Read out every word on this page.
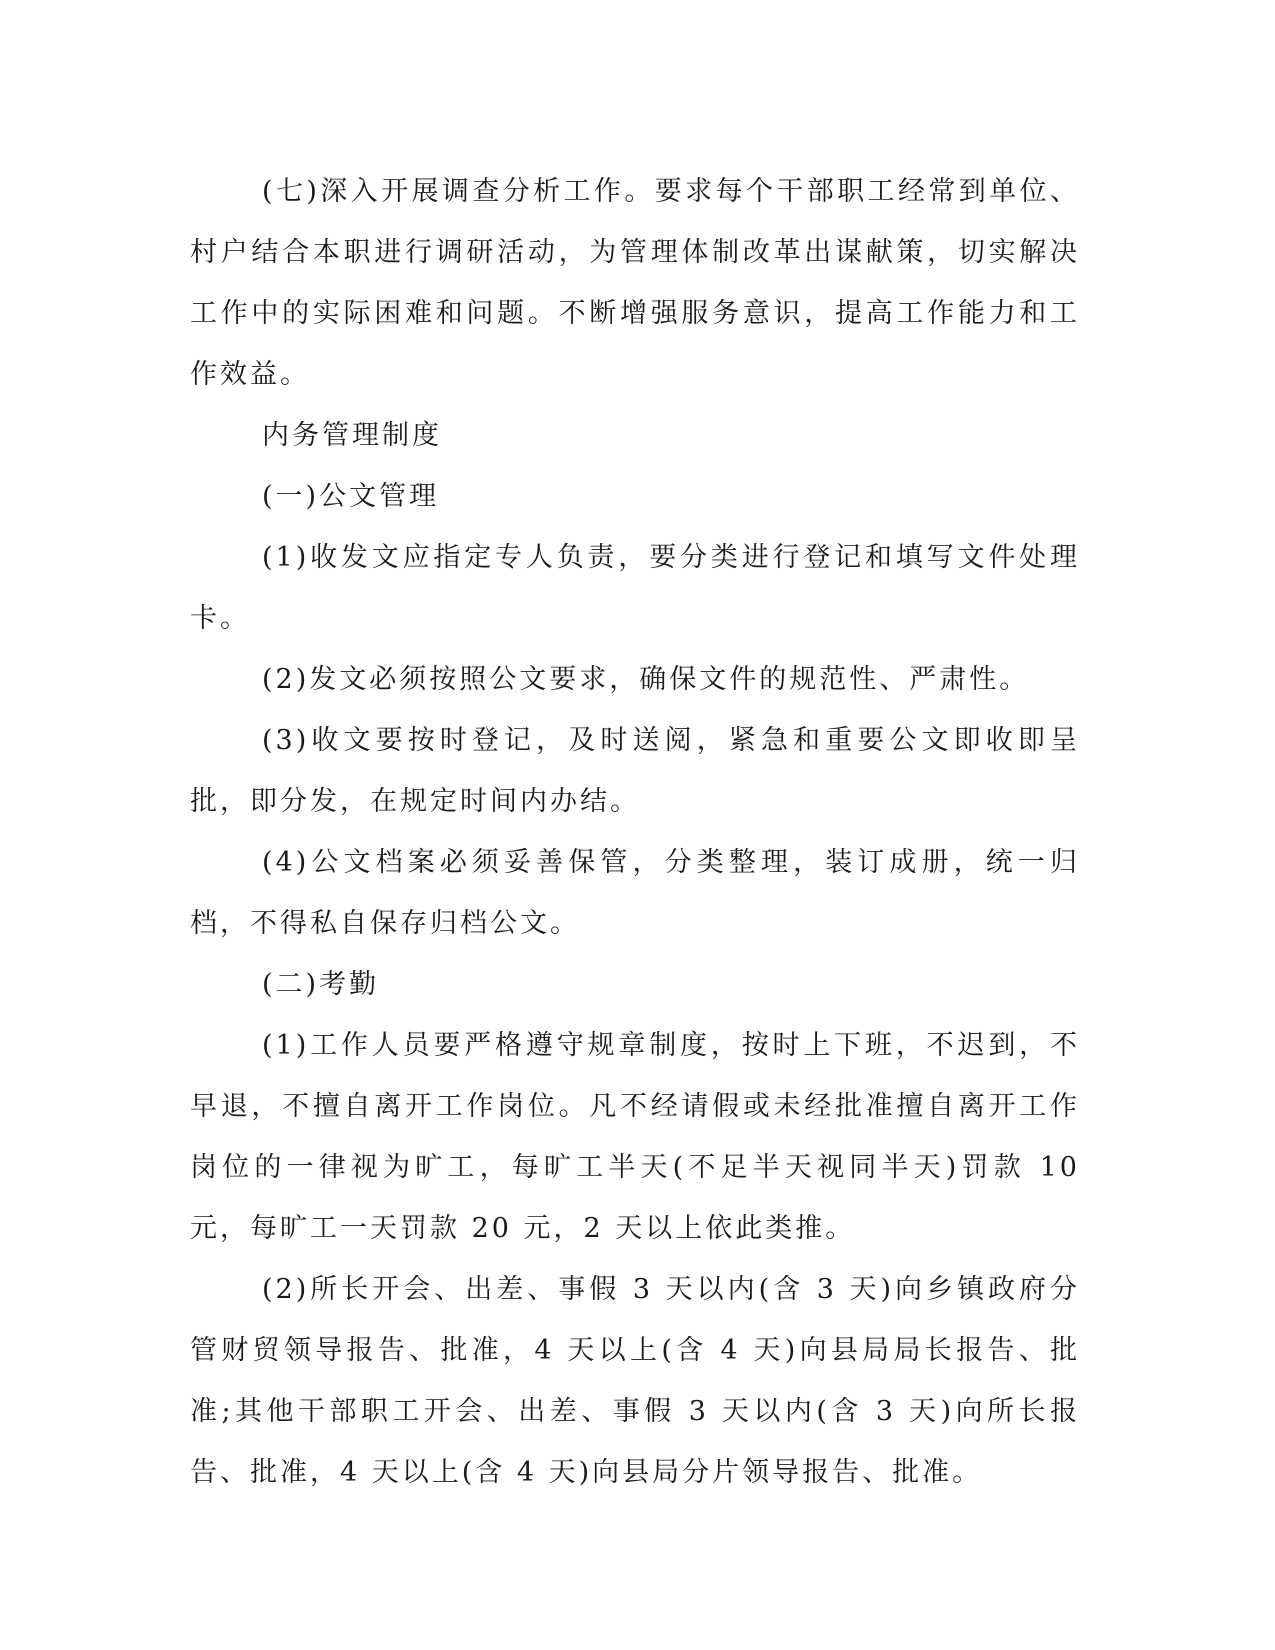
(七)深入开展调查分析工作。要求每个干部职工经常到单位、村户结合本职进行调研活动，为管理体制改革出谋献策，切实解决工作中的实际困难和问题。不断增强服务意识，提高工作能力和工作效益。

内务管理制度

(一)公文管理

(1)收发文应指定专人负责，要分类进行登记和填写文件处理卡。

(2)发文必须按照公文要求，确保文件的规范性、严肃性。

(3)收文要按时登记，及时送阅，紧急和重要公文即收即呈批，即分发，在规定时间内办结。

(4)公文档案必须妥善保管，分类整理，装订成册，统一归档，不得私自保存归档公文。

(二)考勤

(1)工作人员要严格遵守规章制度，按时上下班，不迟到，不早退，不擅自离开工作岗位。凡不经请假或未经批准擅自离开工作岗位的一律视为旷工，每旷工半天(不足半天视同半天)罚款 10 元，每旷工一天罚款 20 元，2 天以上依此类推。

(2)所长开会、出差、事假 3 天以内(含 3 天)向乡镇政府分管财贸领导报告、批准，4 天以上(含 4 天)向县局局长报告、批准;其他干部职工开会、出差、事假 3 天以内(含 3 天)向所长报告、批准，4 天以上(含 4 天)向县局分片领导报告、批准。
